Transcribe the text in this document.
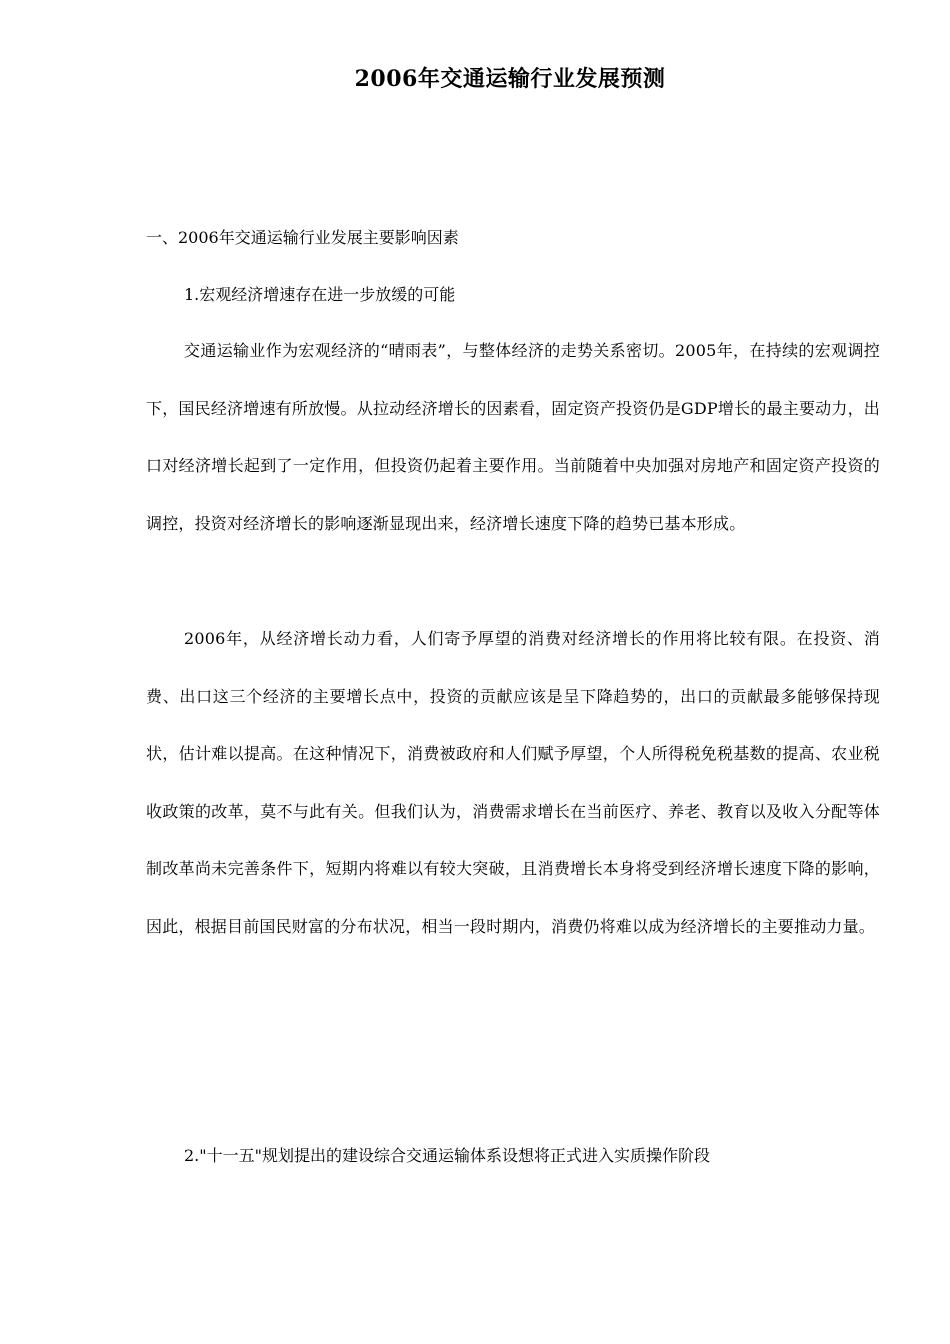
2006年交通运输行业发展预测
一、2006年交通运输行业发展主要影响因素
1.宏观经济增速存在进一步放缓的可能
交通运输业作为宏观经济的“晴雨表”，与整体经济的走势关系密切。2005年，在持续的宏观调控下，国民经济增速有所放慢。从拉动经济增长的因素看，固定资产投资仍是GDP增长的最主要动力，出口对经济增长起到了一定作用，但投资仍起着主要作用。当前随着中央加强对房地产和固定资产投资的调控，投资对经济增长的影响逐渐显现出来，经济增长速度下降的趋势已基本形成。
2006年，从经济增长动力看，人们寄予厚望的消费对经济增长的作用将比较有限。在投资、消费、出口这三个经济的主要增长点中，投资的贡献应该是呈下降趋势的，出口的贡献最多能够保持现状，估计难以提高。在这种情况下，消费被政府和人们赋予厚望，个人所得税免税基数的提高、农业税收政策的改革，莫不与此有关。但我们认为，消费需求增长在当前医疗、养老、教育以及收入分配等体制改革尚未完善条件下，短期内将难以有较大突破，且消费增长本身将受到经济增长速度下降的影响，因此，根据目前国民财富的分布状况，相当一段时期内，消费仍将难以成为经济增长的主要推动力量。
2."十一五"规划提出的建设综合交通运输体系设想将正式进入实质操作阶段
